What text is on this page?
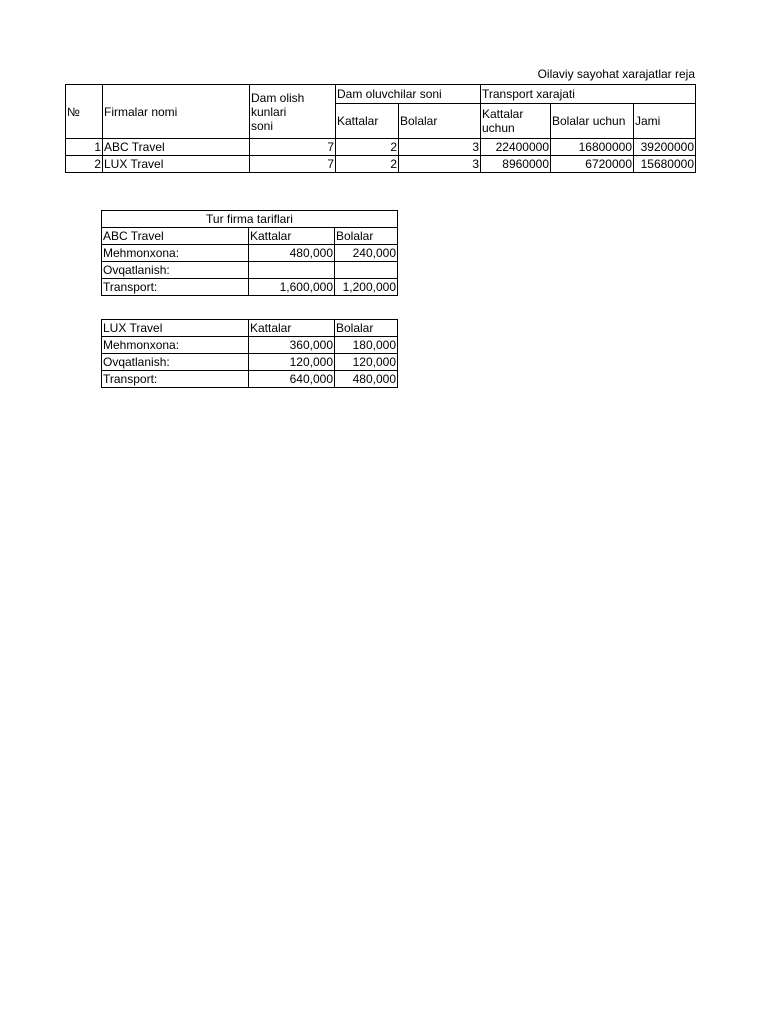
Oilaviy sayohat xarajatlar reja
№	Firmalar nomi	Dam olish kunlari
soni	Dam oluvchilar soni		Transport xarajati		
			Kattalar	Bolalar	Kattalar uchun	Bolalar uchun	Jami
1	ABC Travel	7	2	3	22400000	16800000	39200000
2	LUX Travel	7	2	3	8960000	6720000	15680000
Tur firma tariflari		
ABC Travel	Kattalar	Bolalar
Mehmonxona:	480,000	240,000
Ovqatlanish:		
Transport:	1,600,000	1,200,000
LUX Travel	Kattalar	Bolalar
Mehmonxona:	360,000	180,000
Ovqatlanish:	120,000	120,000
Transport:	640,000	480,000
